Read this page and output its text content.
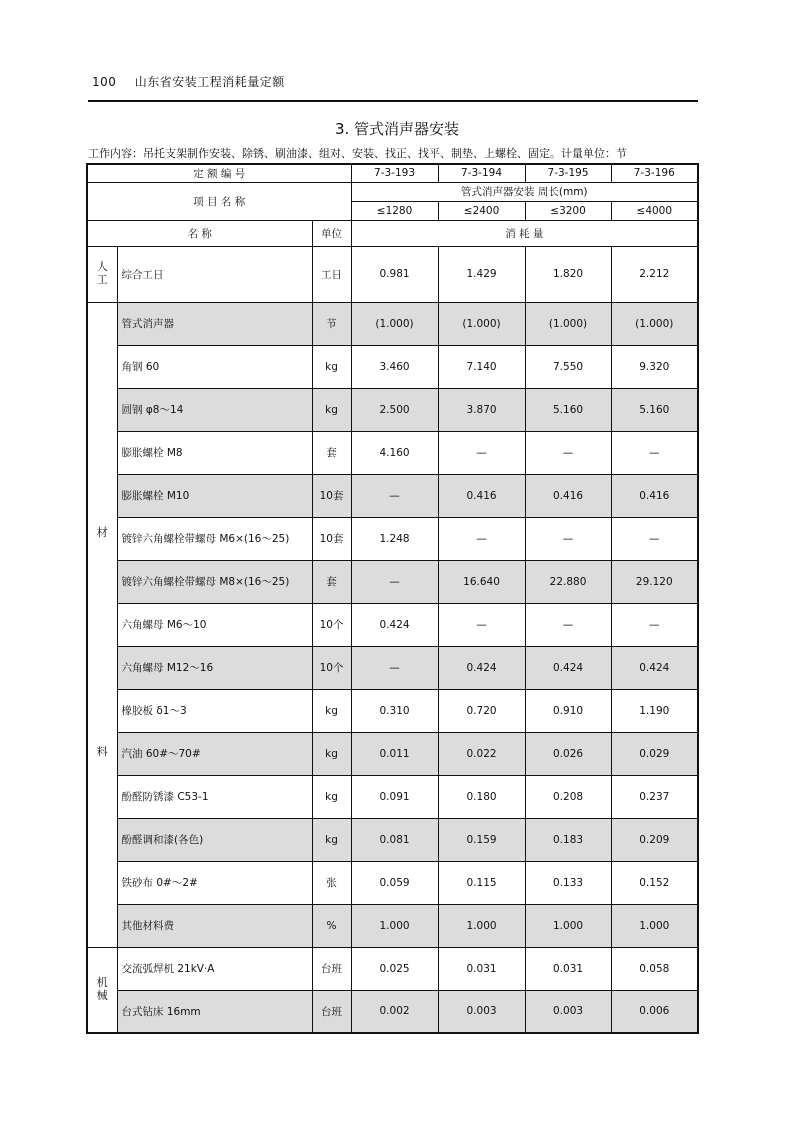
100 山东省安装工程消耗量定额
3. 管式消声器安装
工作内容：吊托支架制作安装、除锈、刷油漆、组对、安装、找正、找平、制垫、上螺栓、固定。计量单位：节
定 额 编 号			7-3-193	7-3-194	7-3-195	7-3-196
项 目 名 称			管式消声器安装 周长(mm)			
			≤1280	≤2400	≤3200	≤4000
名 称		单位	消 耗 量			
人工	综合工日	工日	0.981	1.429	1.820	2.212

材
料	管式消声器	节	(1.000)	(1.000)	(1.000)	(1.000)
	角钢 60	kg	3.460	7.140	7.550	9.320
	圆钢 φ8～14	kg	2.500	3.870	5.160	5.160
	膨胀螺栓 M8	套	4.160	—	—	—
	膨胀螺栓 M10	10套	—	0.416	0.416	0.416
	镀锌六角螺栓带螺母 M6×(16～25)	10套	1.248	—	—	—
	镀锌六角螺栓带螺母 M8×(16～25)	套	—	16.640	22.880	29.120
	六角螺母 M6～10	10个	0.424	—	—	—
	六角螺母 M12～16	10个	—	0.424	0.424	0.424
	橡胶板 δ1～3	kg	0.310	0.720	0.910	1.190
	汽油 60#～70#	kg	0.011	0.022	0.026	0.029
	酚醛防锈漆 C53-1	kg	0.091	0.180	0.208	0.237
	酚醛调和漆(各色)	kg	0.081	0.159	0.183	0.209
	铁砂布 0#～2#	张	0.059	0.115	0.133	0.152
	其他材料费	%	1.000	1.000	1.000	1.000
机械	交流弧焊机 21kV·A	台班	0.025	0.031	0.031	0.058
	台式钻床 16mm	台班	0.002	0.003	0.003	0.006
